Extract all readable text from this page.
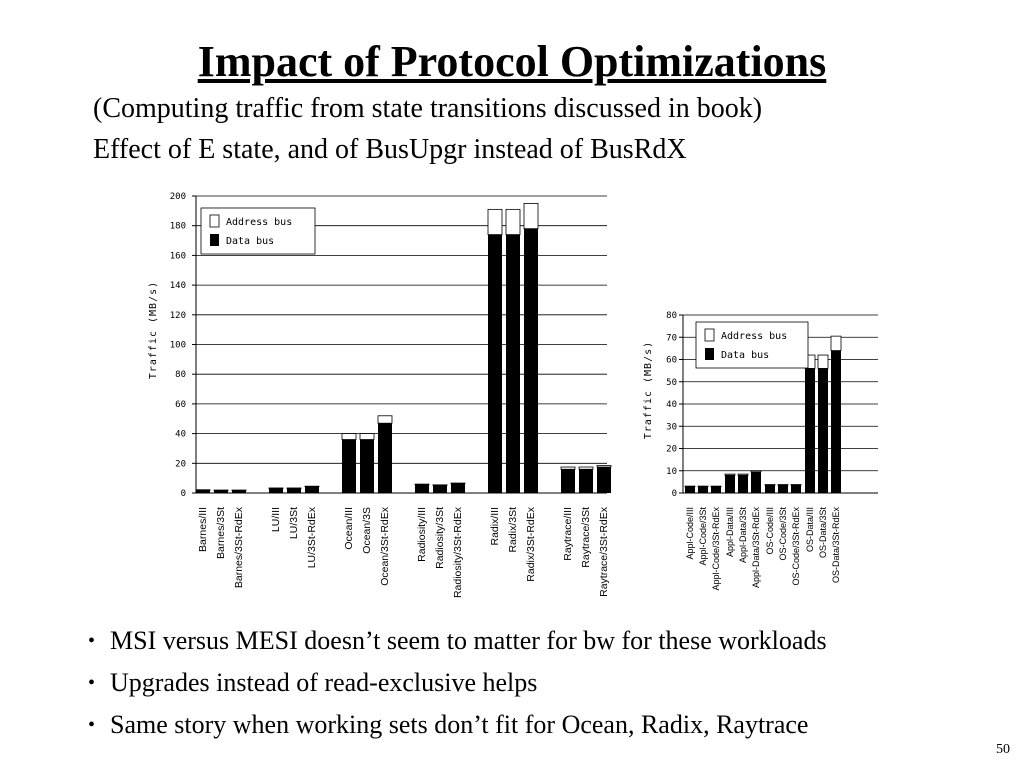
Impact of Protocol Optimizations
(Computing traffic from state transitions discussed in book)
Effect of E state, and of BusUpgr instead of BusRdX
0
20
40
60
80
100
120
140
160
180
200
Traffic (MB/s)
Barnes/III Barnes/3St Barnes/3St-RdEx LU/III LU/3St LU/3St-RdEx Ocean/III Ocean/3S Ocean/3St-RdEx Radiosity/III Radiosity/3St Radiosity/3St-RdEx Radix/III Radix/3St Radix/3St-RdEx Raytrace/III Raytrace/3St Raytrace/3St-RdEx
Address bus
Data bus
0
10
20
30
40
50
60
70
80
Traffic (MB/s)
Appl-Code/III Appl-Code/3St Appl-Code/3St-RdEx Appl-Data/III Appl-Data/3St Appl-Data/3St-RdEx OS-Code/III OS-Code/3St OS-Code/3St-RdEx OS-Data/III OS-Data/3St OS-Data/3St-RdEx
Address bus
Data bus
• MSI versus MESI doesn’t seem to matter for bw for these workloads
• Upgrades instead of read-exclusive helps
• Same story when working sets don’t fit for Ocean, Radix, Raytrace
50
